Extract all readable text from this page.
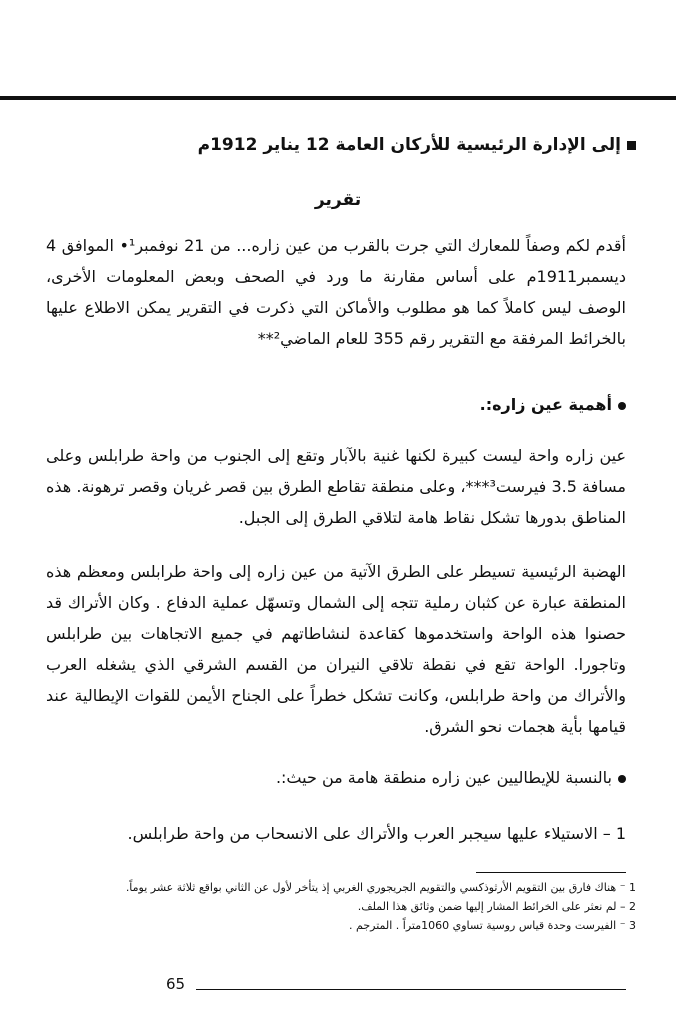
إلى الإدارة الرئيسية للأركان العامة 12 يناير 1912م
تقرير
أقدم لكم وصفاً للمعارك التي جرت بالقرب من عين زاره... من 21 نوفمبر¹• الموافق 4 ديسمبر1911م على أساس مقارنة ما ورد في الصحف وبعض المعلومات الأخرى، الوصف ليس كاملاً كما هو مطلوب والأماكن التي ذكرت في التقرير يمكن الاطلاع عليها بالخرائط المرفقة مع التقرير رقم 355 للعام الماضي²**
أهمية عين زاره:.
عين زاره واحة ليست كبيرة لكنها غنية بالآبار وتقع إلى الجنوب من واحة طرابلس وعلى مسافة 3.5 فيرست³***، وعلى منطقة تقاطع الطرق بين قصر غريان وقصر ترهونة. هذه المناطق بدورها تشكل نقاط هامة لتلاقي الطرق إلى الجبل.
الهضبة الرئيسية تسيطر على الطرق الآتية من عين زاره إلى واحة طرابلس ومعظم هذه المنطقة عبارة عن كثبان رملية تتجه إلى الشمال وتسهّل عملية الدفاع . وكان الأتراك قد حصنوا هذه الواحة واستخدموها كقاعدة لنشاطاتهم في جميع الاتجاهات بين طرابلس وتاجورا. الواحة تقع في نقطة تلاقي النيران من القسم الشرقي الذي يشغله العرب والأتراك من واحة طرابلس، وكانت تشكل خطراً على الجناح الأيمن للقوات الإيطالية عند قيامها بأية هجمات نحو الشرق.
بالنسبة للإيطاليين عين زاره منطقة هامة من حيث:.
1 – الاستيلاء عليها سيجبر العرب والأتراك على الانسحاب من واحة طرابلس.
1 ⁻ هناك فارق بين التقويم الأرثوذكسي والتقويم الجريجوري الغربي إذ يتأخر لأول عن الثاني بواقع ثلاثة عشر يوماً.
2 – لم نعثر على الخرائط المشار إليها ضمن وثائق هذا الملف.
3 ⁻ الفيرست وحدة قياس روسية تساوي 1060متراً . المترجم .
65
